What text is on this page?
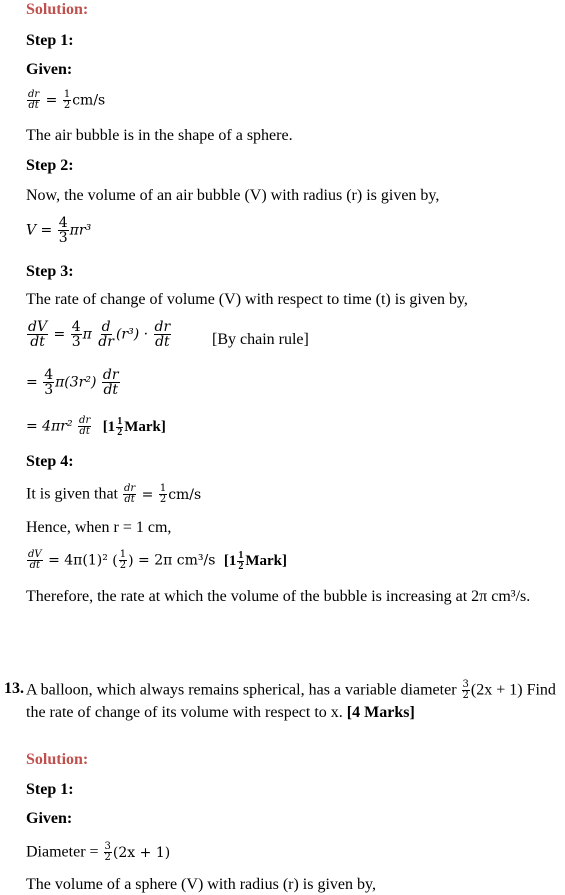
Solution:
Step 1:
Given:
$\frac{dr}{dt} = \frac{1}{2} cm/s$
The air bubble is in the shape of a sphere.
Step 2:
Now, the volume of an air bubble (V) with radius (r) is given by,
$V = \frac{4}{3} \pi r^3$
Step 3:
The rate of change of volume (V) with respect to time (t) is given by,
$\frac{dV}{dt} = \frac{4}{3}$ π $\frac{d}{dr} (r^3) \cdot \frac{dr}{dt}$	[By chain rule]
= $\frac{4}{3} \pi(3r^2) \frac{dr}{dt}$
= $4\pi r^2 \frac{dr}{dt} [1 \frac{1}{2}$ Mark]
Step 4:
It is given that $\frac{dr}{dt} = \frac{1}{2} cm/s$
Hence, when r = 1 cm,
$\frac{dV}{dt} = 4\pi(1)^2$ ( $\frac{1}{2}$ ) = 2π cm³/s [$1 \frac{1}{2}$ Mark]
Therefore, the rate at which the volume of the bubble is increasing at 2π cm³/s.
13. A balloon, which always remains spherical, has a variable diameter $\frac{3}{2} (2x + 1)$ Find
the rate of change of its volume with respect to x. [4 Marks]
Solution:
Step 1:
Given:
Diameter = $\frac{3}{2} (2x + 1)$
The volume of a sphere (V) with radius (r) is given by,
